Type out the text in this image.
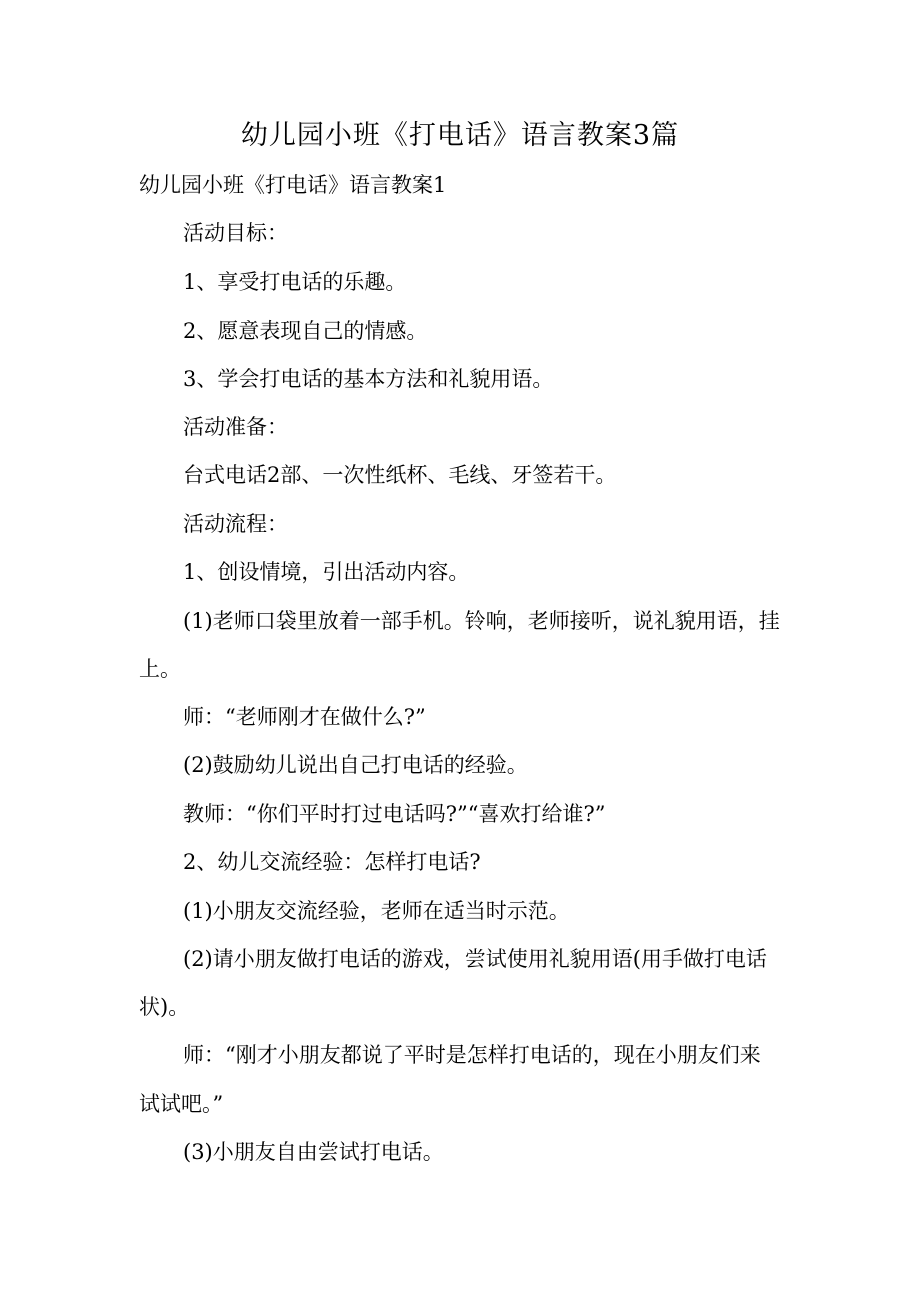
幼儿园小班《打电话》语言教案3篇
幼儿园小班《打电话》语言教案1
活动目标：
1、享受打电话的乐趣。
2、愿意表现自己的情感。
3、学会打电话的基本方法和礼貌用语。
活动准备：
台式电话2部、一次性纸杯、毛线、牙签若干。
活动流程：
1、创设情境，引出活动内容。
(1)老师口袋里放着一部手机。铃响，老师接听，说礼貌用语，挂
上。
师：“老师刚才在做什么?”
(2)鼓励幼儿说出自己打电话的经验。
教师：“你们平时打过电话吗?”“喜欢打给谁?”
2、幼儿交流经验：怎样打电话?
(1)小朋友交流经验，老师在适当时示范。
(2)请小朋友做打电话的游戏，尝试使用礼貌用语(用手做打电话
状)。
师：“刚才小朋友都说了平时是怎样打电话的，现在小朋友们来
试试吧。”
(3)小朋友自由尝试打电话。
